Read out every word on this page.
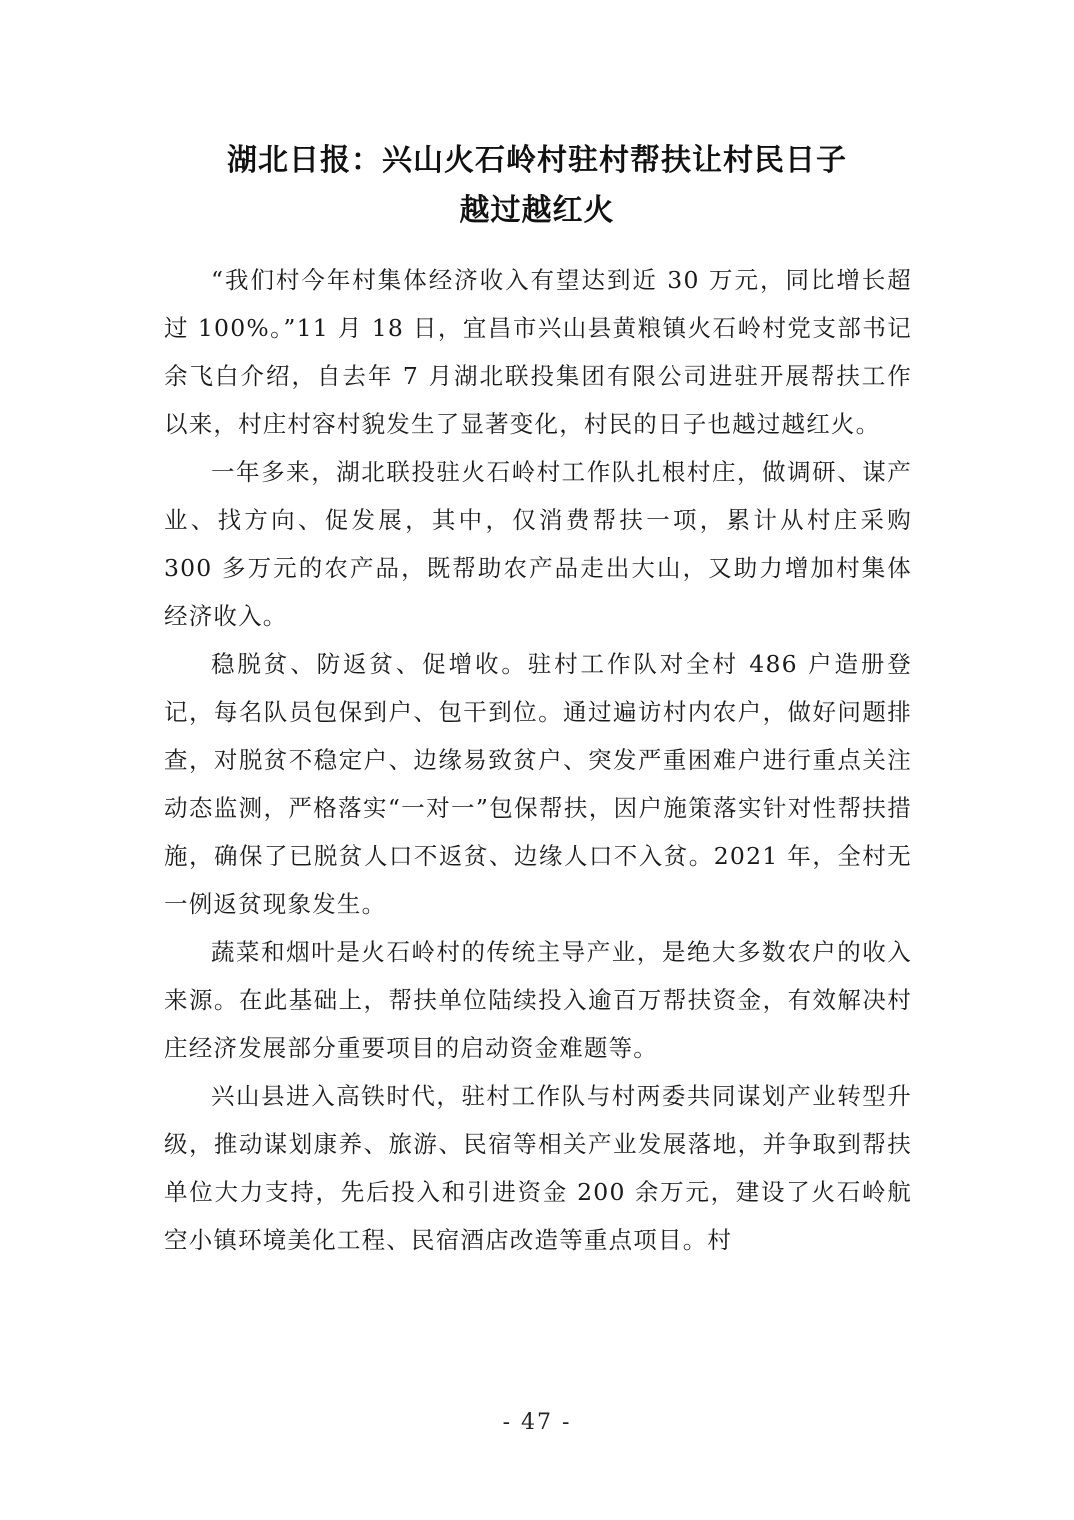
湖北日报：兴山火石岭村驻村帮扶让村民日子
越过越红火

“我们村今年村集体经济收入有望达到近 30 万元，同比增长超过 100%。”11 月 18 日，宜昌市兴山县黄粮镇火石岭村党支部书记余飞白介绍，自去年 7 月湖北联投集团有限公司进驻开展帮扶工作以来，村庄村容村貌发生了显著变化，村民的日子也越过越红火。

一年多来，湖北联投驻火石岭村工作队扎根村庄，做调研、谋产业、找方向、促发展，其中，仅消费帮扶一项，累计从村庄采购 300 多万元的农产品，既帮助农产品走出大山，又助力增加村集体经济收入。

稳脱贫、防返贫、促增收。驻村工作队对全村 486 户造册登记，每名队员包保到户、包干到位。通过遍访村内农户，做好问题排查，对脱贫不稳定户、边缘易致贫户、突发严重困难户进行重点关注动态监测，严格落实“一对一”包保帮扶，因户施策落实针对性帮扶措施，确保了已脱贫人口不返贫、边缘人口不入贫。2021 年，全村无一例返贫现象发生。

蔬菜和烟叶是火石岭村的传统主导产业，是绝大多数农户的收入来源。在此基础上，帮扶单位陆续投入逾百万帮扶资金，有效解决村庄经济发展部分重要项目的启动资金难题等。

兴山县进入高铁时代，驻村工作队与村两委共同谋划产业转型升级，推动谋划康养、旅游、民宿等相关产业发展落地，并争取到帮扶单位大力支持，先后投入和引进资金 200 余万元，建设了火石岭航空小镇环境美化工程、民宿酒店改造等重点项目。村

- 47 -
